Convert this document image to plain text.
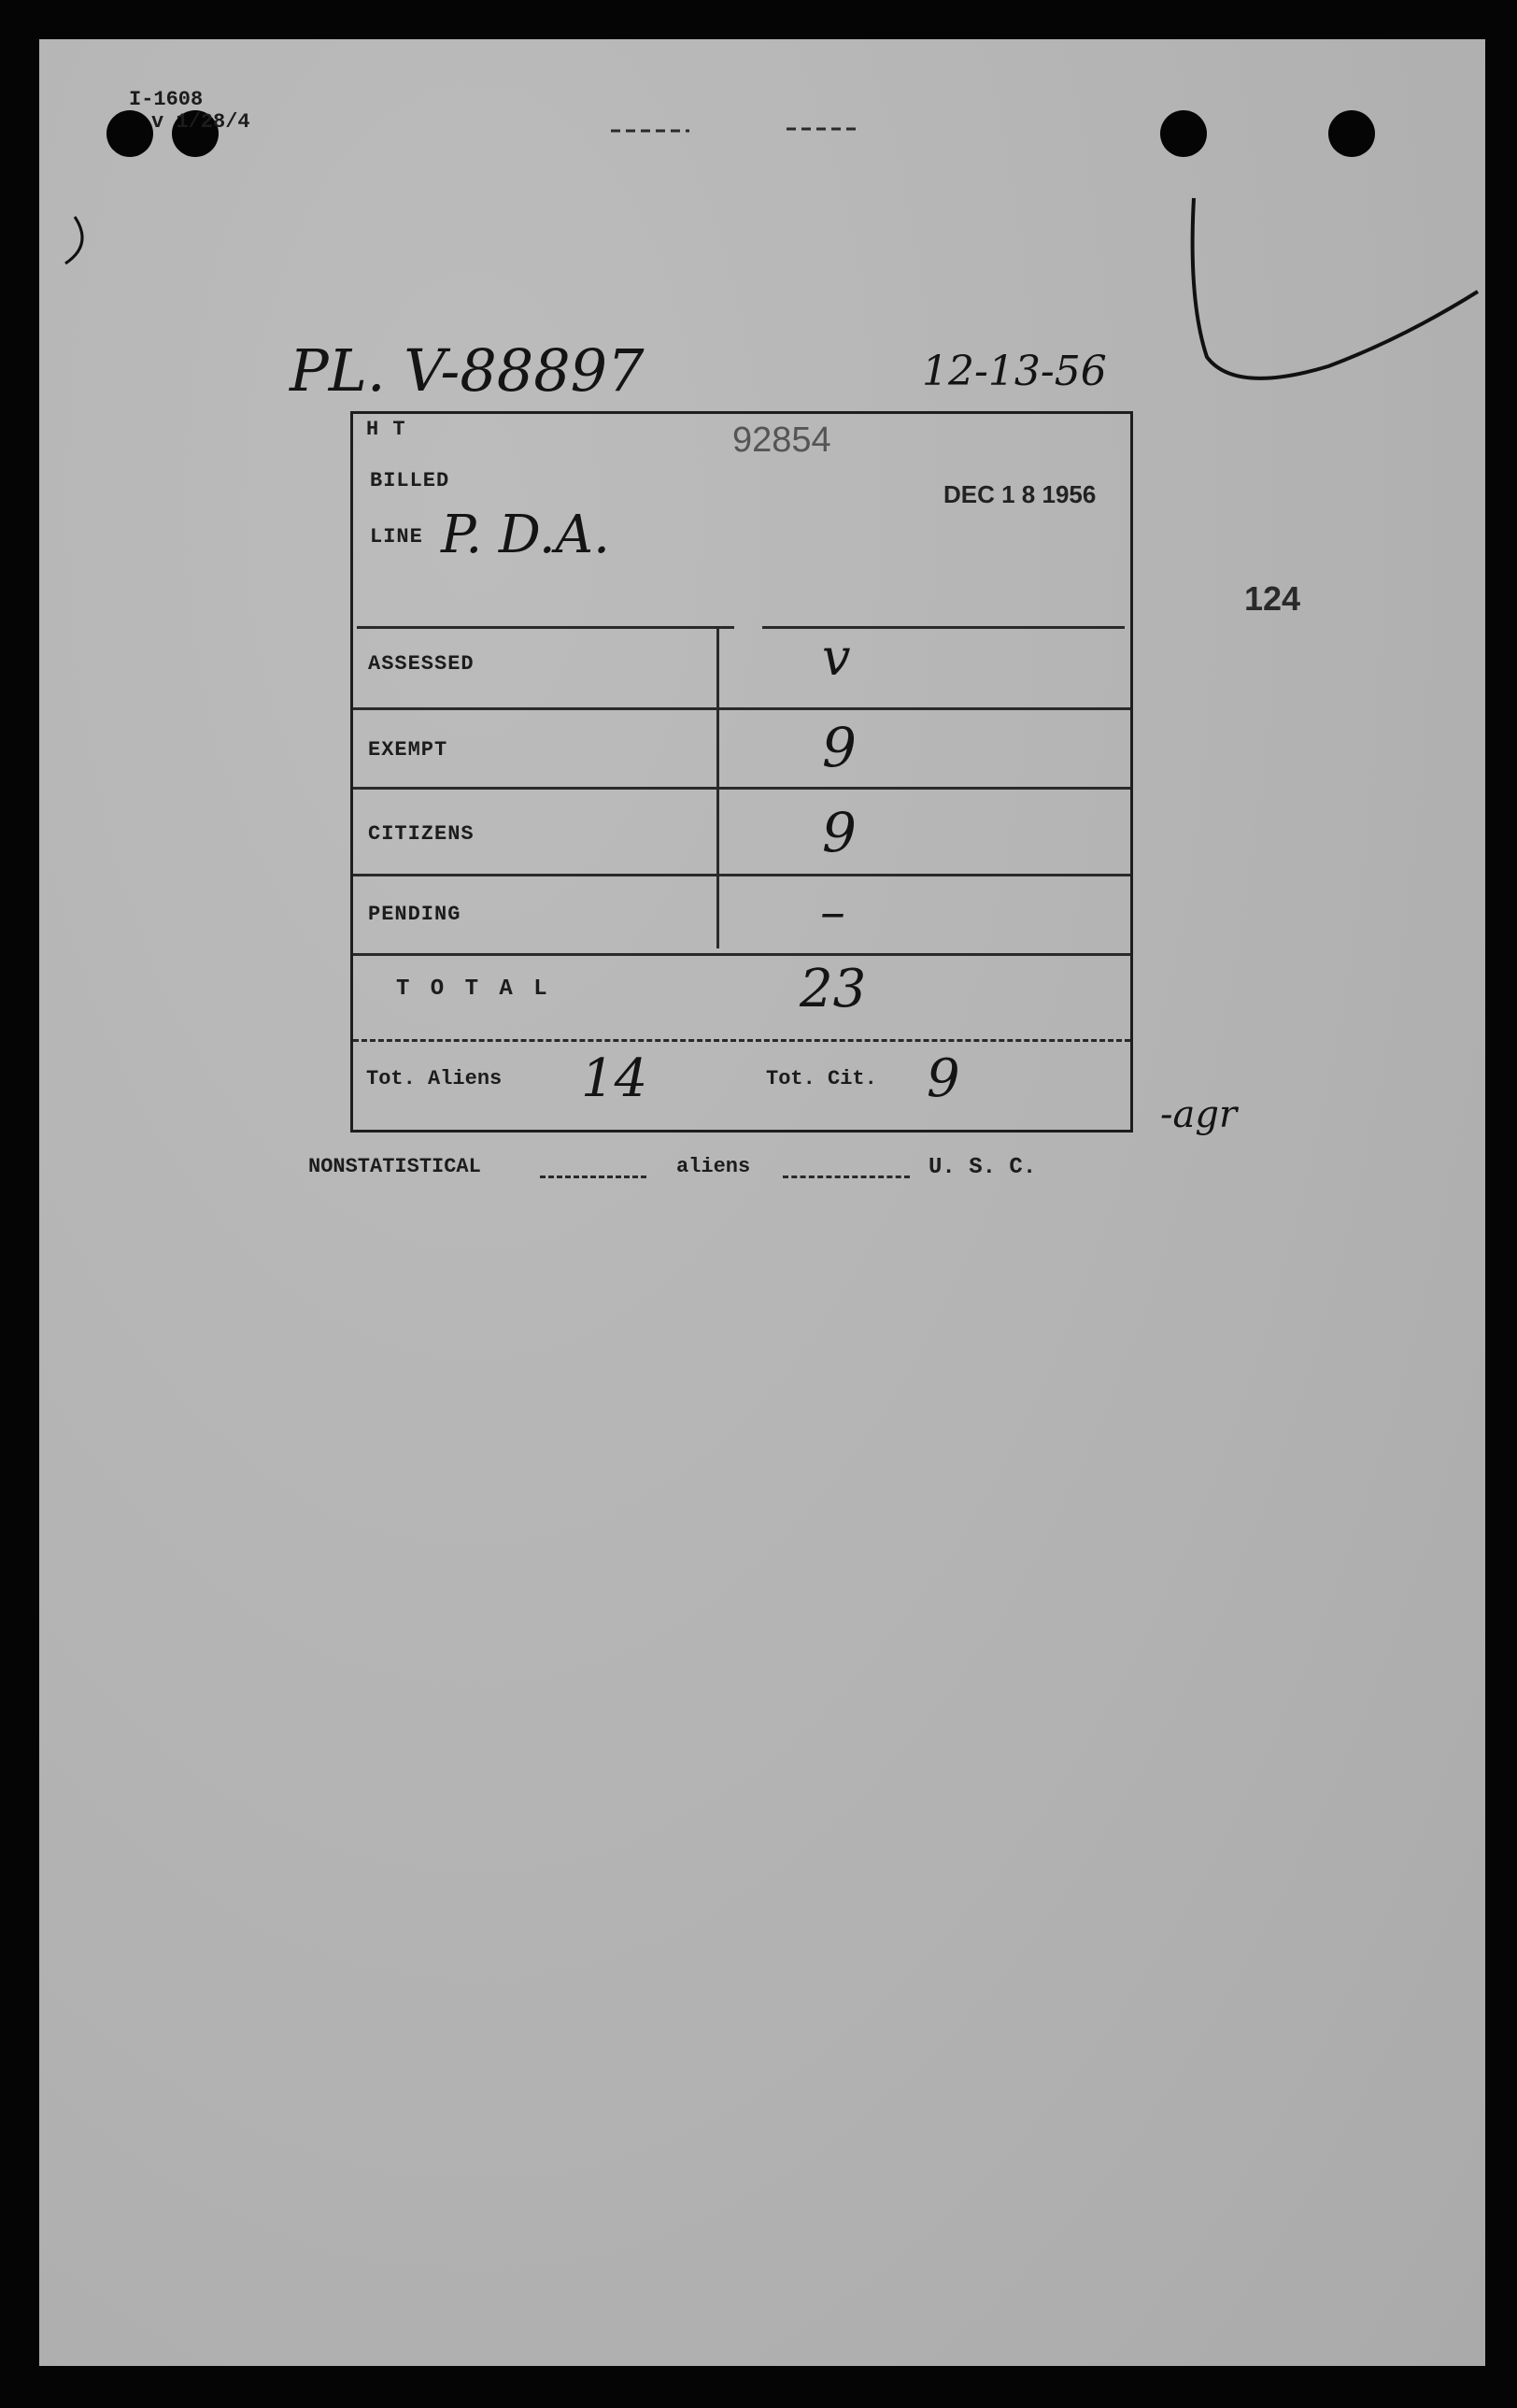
I-1608
v 1/28/4
PL. V-88897	12-13-56
124
H T	92854
BILLED	DEC 1 8 1956
LINE P. D.A.
ASSESSED	v
EXEMPT	9
CITIZENS	9
PENDING	–
T O T A L	23
Tot. Aliens 14	Tot. Cit. 9
-agr
NONSTATISTICAL	aliens	U. S. C.
